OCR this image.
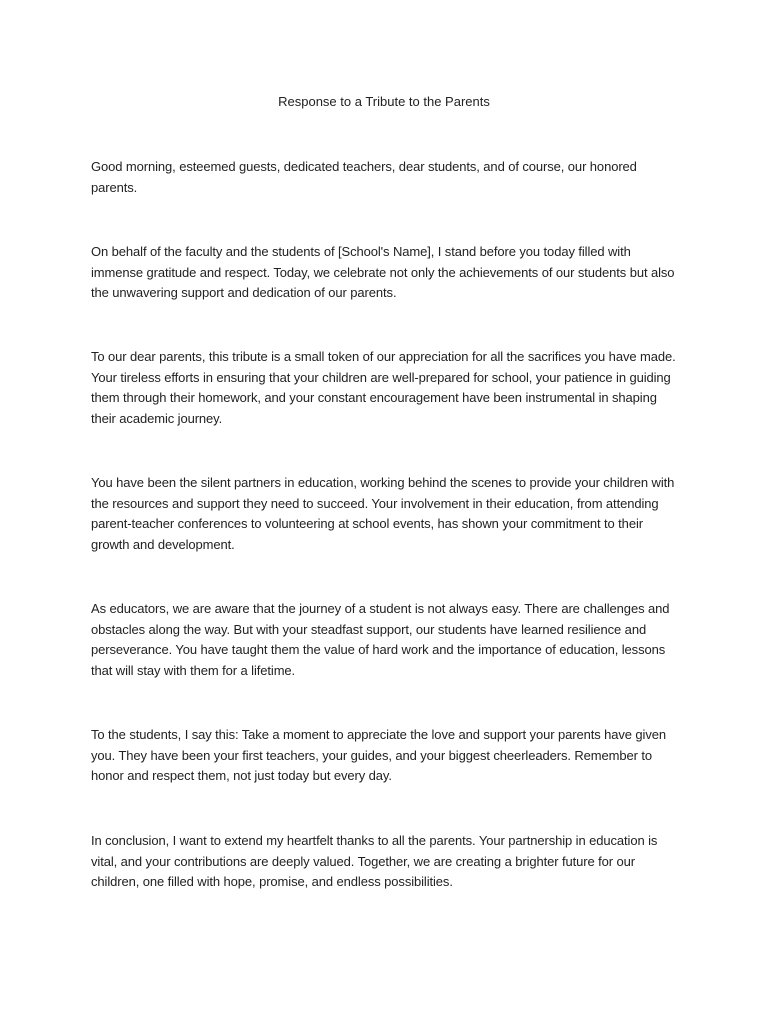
Response to a Tribute to the Parents

Good morning, esteemed guests, dedicated teachers, dear students, and of course, our honored parents.

On behalf of the faculty and the students of [School's Name], I stand before you today filled with immense gratitude and respect. Today, we celebrate not only the achievements of our students but also the unwavering support and dedication of our parents.

To our dear parents, this tribute is a small token of our appreciation for all the sacrifices you have made. Your tireless efforts in ensuring that your children are well-prepared for school, your patience in guiding them through their homework, and your constant encouragement have been instrumental in shaping their academic journey.

You have been the silent partners in education, working behind the scenes to provide your children with the resources and support they need to succeed. Your involvement in their education, from attending parent-teacher conferences to volunteering at school events, has shown your commitment to their growth and development.

As educators, we are aware that the journey of a student is not always easy. There are challenges and obstacles along the way. But with your steadfast support, our students have learned resilience and perseverance. You have taught them the value of hard work and the importance of education, lessons that will stay with them for a lifetime.

To the students, I say this: Take a moment to appreciate the love and support your parents have given you. They have been your first teachers, your guides, and your biggest cheerleaders. Remember to honor and respect them, not just today but every day.

In conclusion, I want to extend my heartfelt thanks to all the parents. Your partnership in education is vital, and your contributions are deeply valued. Together, we are creating a brighter future for our children, one filled with hope, promise, and endless possibilities.
